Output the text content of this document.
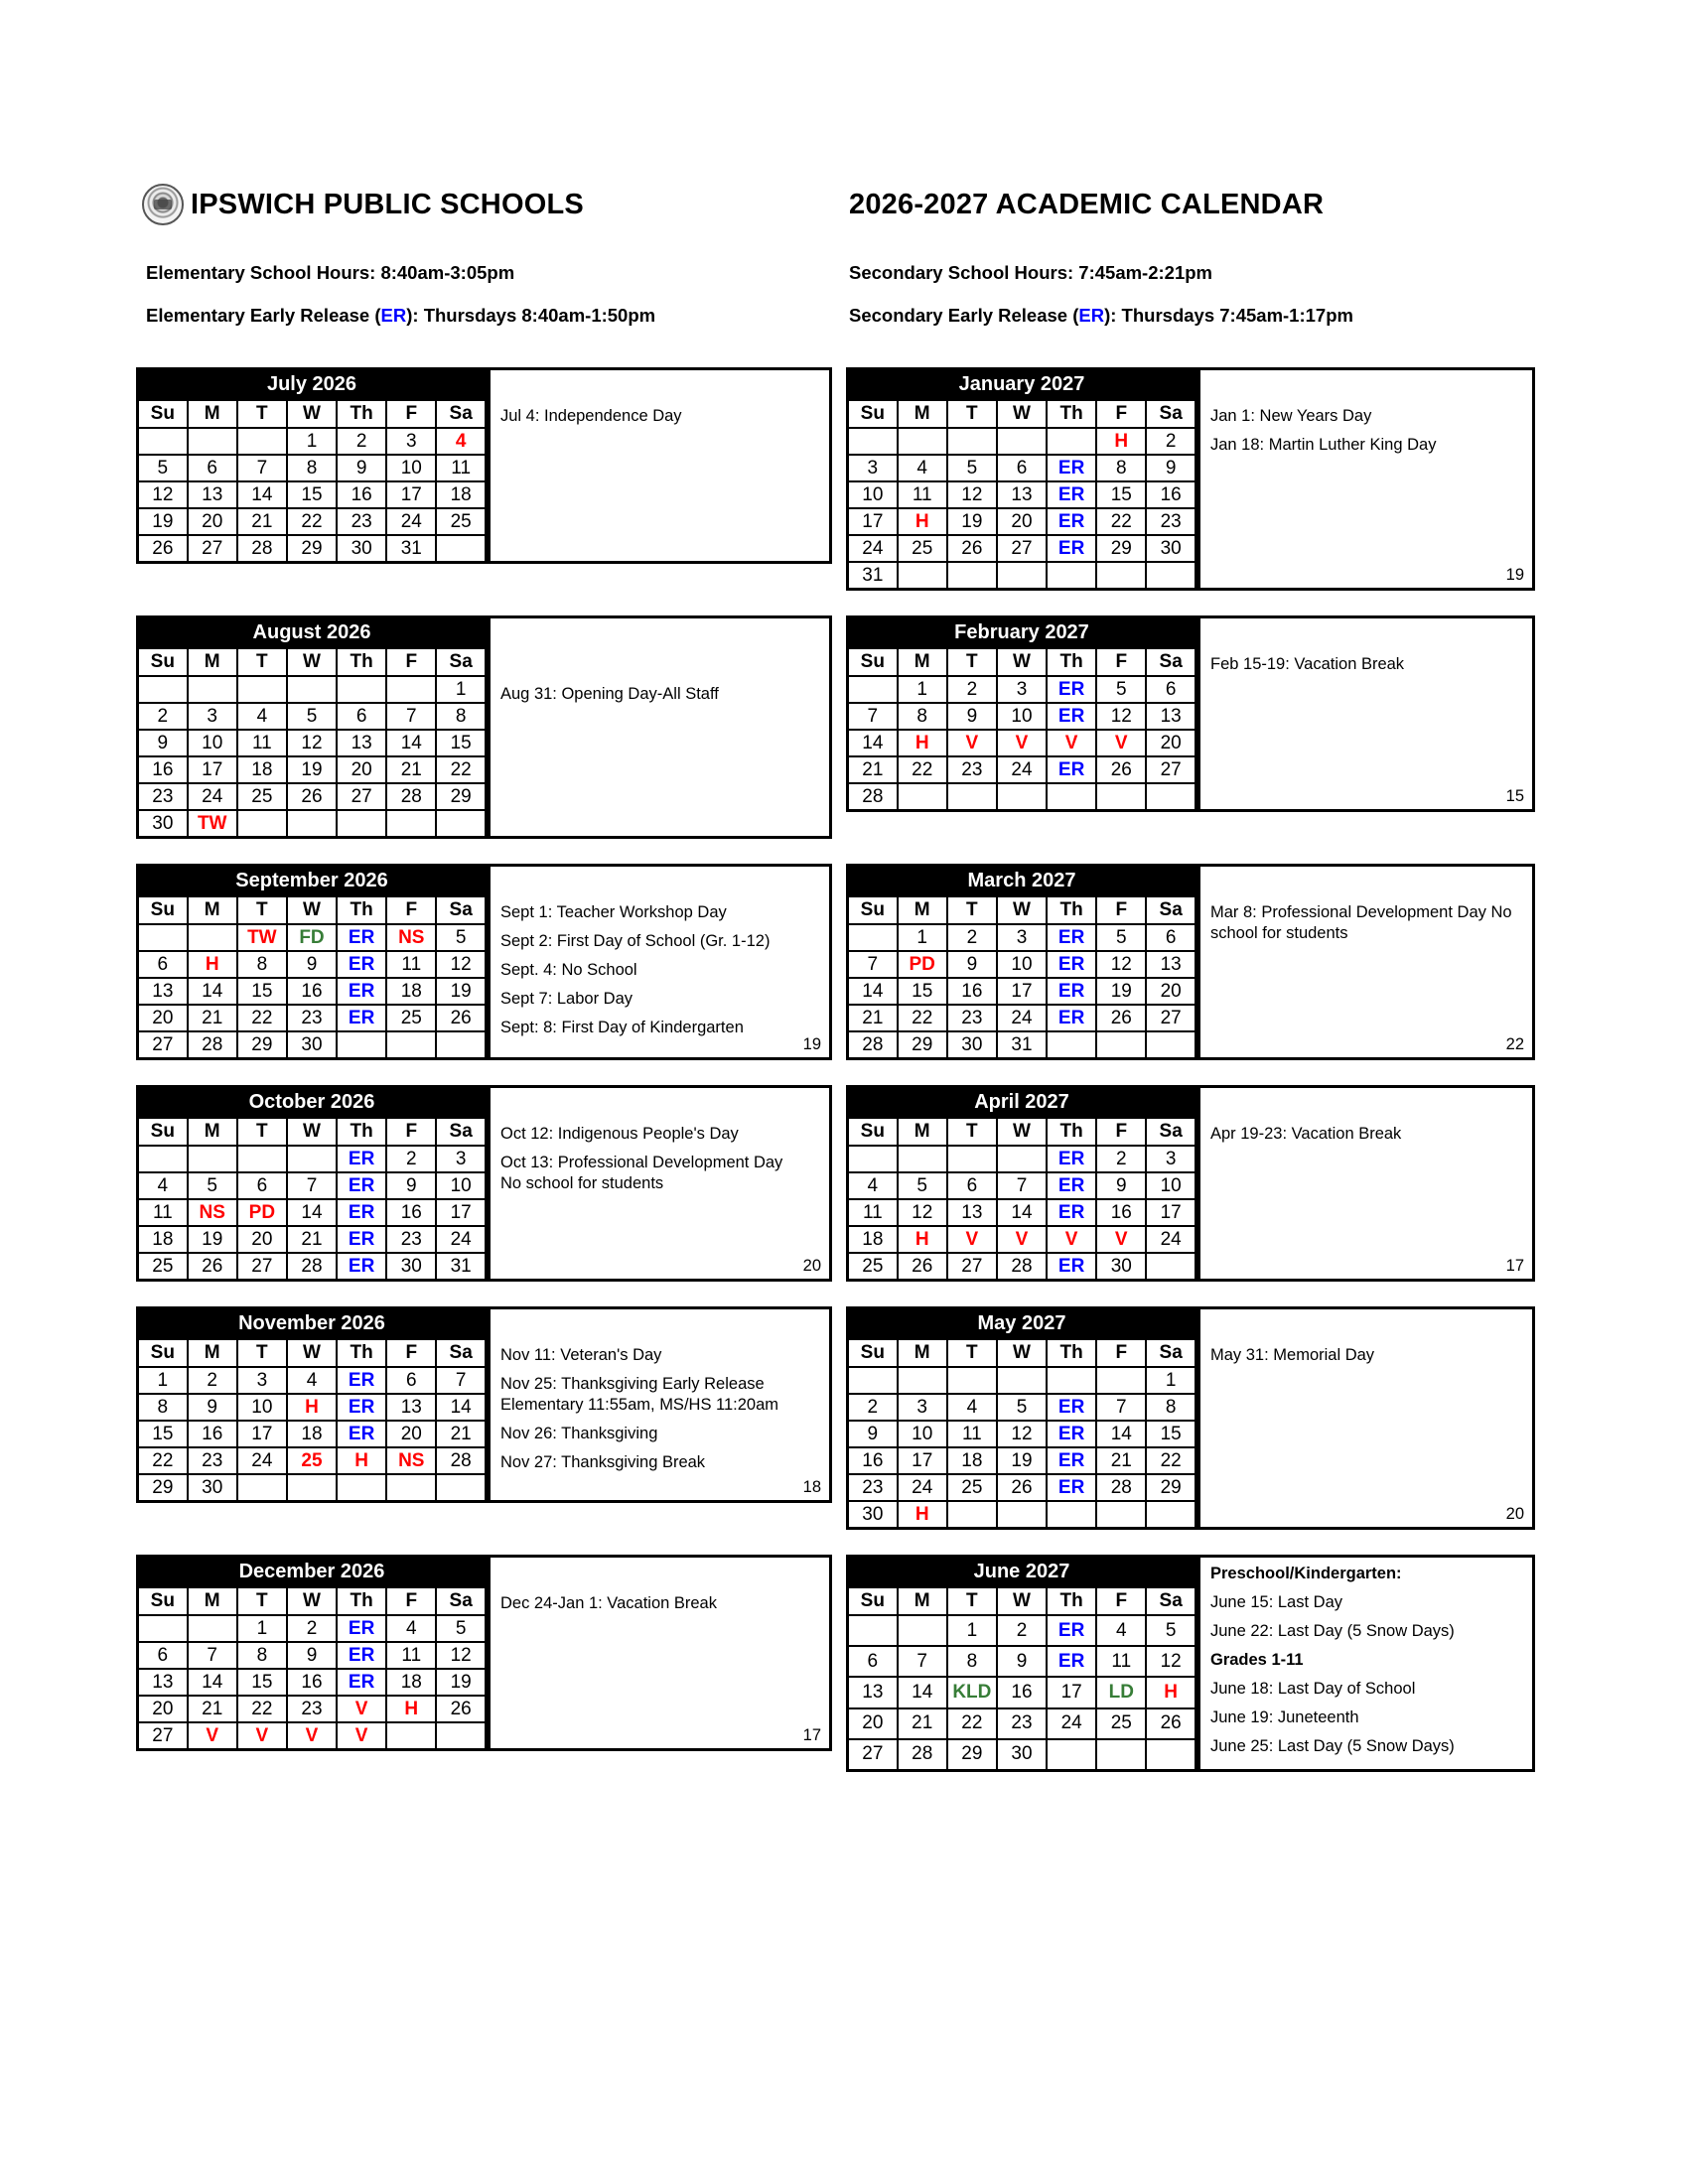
IPSWICH PUBLIC SCHOOLS	2026-2027 ACADEMIC CALENDAR
Elementary School Hours: 8:40am-3:05pm	Secondary School Hours: 7:45am-2:21pm
Elementary Early Release (ER): Thursdays 8:40am-1:50pm	Secondary Early Release (ER): Thursdays 7:45am-1:17pm
July 2026						
Su	M	T	W	Th	F	Sa
			1	2	3	4
5	6	7	8	9	10	11
12	13	14	15	16	17	18
19	20	21	22	23	24	25
26	27	28	29	30	31	
Jul 4: Independence Day
January 2027						
Su	M	T	W	Th	F	Sa
					H	2
3	4	5	6	ER	8	9
10	11	12	13	ER	15	16
17	H	19	20	ER	22	23
24	25	26	27	ER	29	30
31						
Jan 1: New Years Day
Jan 18: Martin Luther King Day
19
August 2026						
Su	M	T	W	Th	F	Sa
						1
2	3	4	5	6	7	8
9	10	11	12	13	14	15
16	17	18	19	20	21	22
23	24	25	26	27	28	29
30	TW					
Aug 31: Opening Day-All Staff
February 2027						
Su	M	T	W	Th	F	Sa
	1	2	3	ER	5	6
7	8	9	10	ER	12	13
14	H	V	V	V	V	20
21	22	23	24	ER	26	27
28						
Feb 15-19: Vacation Break
15
September 2026						
Su	M	T	W	Th	F	Sa
		TW	FD	ER	NS	5
6	H	8	9	ER	11	12
13	14	15	16	ER	18	19
20	21	22	23	ER	25	26
27	28	29	30			
Sept 1: Teacher Workshop Day
Sept 2: First Day of School (Gr. 1-12)
Sept. 4: No School
Sept 7: Labor Day
Sept: 8: First Day of Kindergarten
19
March 2027						
Su	M	T	W	Th	F	Sa
	1	2	3	ER	5	6
7	PD	9	10	ER	12	13
14	15	16	17	ER	19	20
21	22	23	24	ER	26	27
28	29	30	31			
Mar 8: Professional Development Day No school for students
22
October 2026						
Su	M	T	W	Th	F	Sa
				ER	2	3
4	5	6	7	ER	9	10
11	NS	PD	14	ER	16	17
18	19	20	21	ER	23	24
25	26	27	28	ER	30	31
Oct 12: Indigenous People's Day
Oct 13: Professional Development Day No school for students
20
April 2027						
Su	M	T	W	Th	F	Sa
				ER	2	3
4	5	6	7	ER	9	10
11	12	13	14	ER	16	17
18	H	V	V	V	V	24
25	26	27	28	ER	30	
Apr 19-23: Vacation Break
17
November 2026						
Su	M	T	W	Th	F	Sa
1	2	3	4	ER	6	7
8	9	10	H	ER	13	14
15	16	17	18	ER	20	21
22	23	24	25	H	NS	28
29	30					
Nov 11: Veteran's Day
Nov 25: Thanksgiving Early Release Elementary 11:55am, MS/HS 11:20am
Nov 26: Thanksgiving
Nov 27: Thanksgiving Break
18
May 2027						
Su	M	T	W	Th	F	Sa
						1
2	3	4	5	ER	7	8
9	10	11	12	ER	14	15
16	17	18	19	ER	21	22
23	24	25	26	ER	28	29
30	H					
May 31: Memorial Day
20
December 2026						
Su	M	T	W	Th	F	Sa
		1	2	ER	4	5
6	7	8	9	ER	11	12
13	14	15	16	ER	18	19
20	21	22	23	V	H	26
27	V	V	V	V		
Dec 24-Jan 1: Vacation Break
17
June 2027						
Su	M	T	W	Th	F	Sa
		1	2	ER	4	5
6	7	8	9	ER	11	12
13	14	KLD	16	17	LD	H
20	21	22	23	24	25	26
27	28	29	30			
Preschool/Kindergarten:
June 15: Last Day
June 22: Last Day (5 Snow Days)
Grades 1-11
June 18: Last Day of School
June 19: Juneteenth
June 25: Last Day (5 Snow Days)
